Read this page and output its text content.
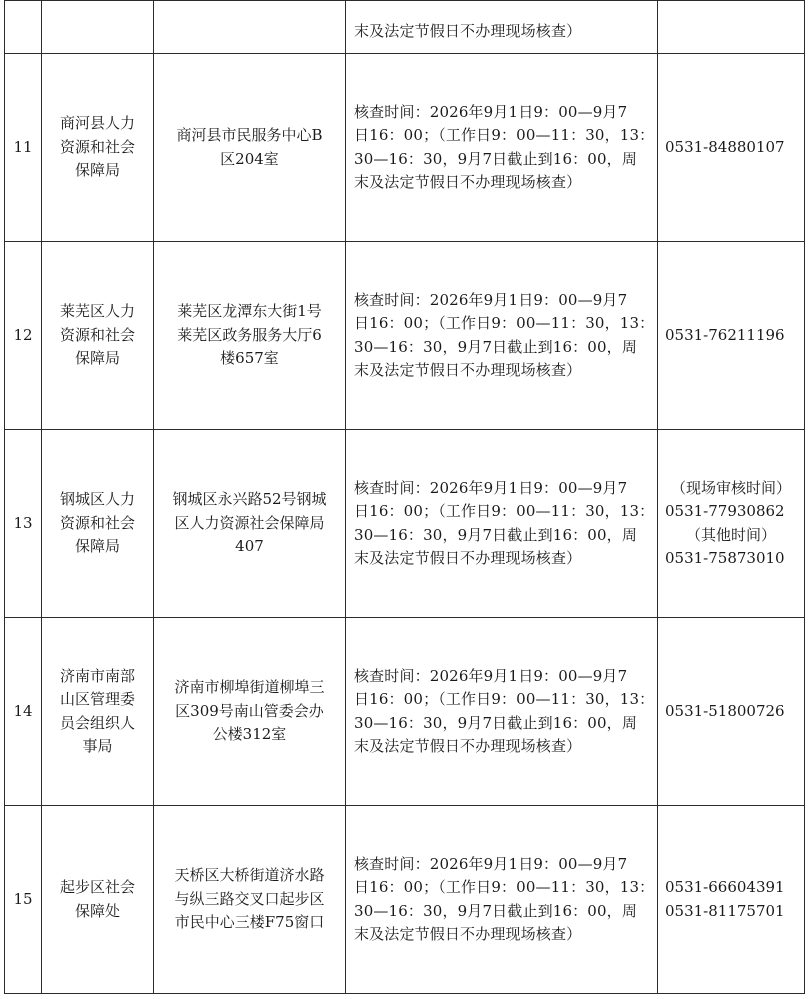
			末及法定节假日不办理现场核查）	

11	商河县人力
资源和社会
保障局	商河县市民服务中心B
区204室	核查时间：2026年9月1日9：00—9月7
日16：00；（工作日9：00—11：30，13：
30—16：30，9月7日截止到16：00，周
末及法定节假日不办理现场核查）	0531-84880107

12	莱芜区人力
资源和社会
保障局	莱芜区龙潭东大街1号
莱芜区政务服务大厅6
楼657室	核查时间：2026年9月1日9：00—9月7
日16：00；（工作日9：00—11：30，13：
30—16：30，9月7日截止到16：00，周
末及法定节假日不办理现场核查）	0531-76211196

13	钢城区人力
资源和社会
保障局	钢城区永兴路52号钢城
区人力资源社会保障局
407	核查时间：2026年9月1日9：00—9月7
日16：00；（工作日9：00—11：30，13：
30—16：30，9月7日截止到16：00，周
末及法定节假日不办理现场核查）	（现场审核时间）
0531-77930862
（其他时间）
0531-75873010

14	济南市南部
山区管理委
员会组织人
事局	济南市柳埠街道柳埠三
区309号南山管委会办
公楼312室	核查时间：2026年9月1日9：00—9月7
日16：00；（工作日9：00—11：30，13：
30—16：30，9月7日截止到16：00，周
末及法定节假日不办理现场核查）	0531-51800726

15	起步区社会
保障处	天桥区大桥街道济水路
与纵三路交叉口起步区
市民中心三楼F75窗口	核查时间：2026年9月1日9：00—9月7
日16：00；（工作日9：00—11：30，13：
30—16：30，9月7日截止到16：00，周
末及法定节假日不办理现场核查）	0531-66604391
0531-81175701
